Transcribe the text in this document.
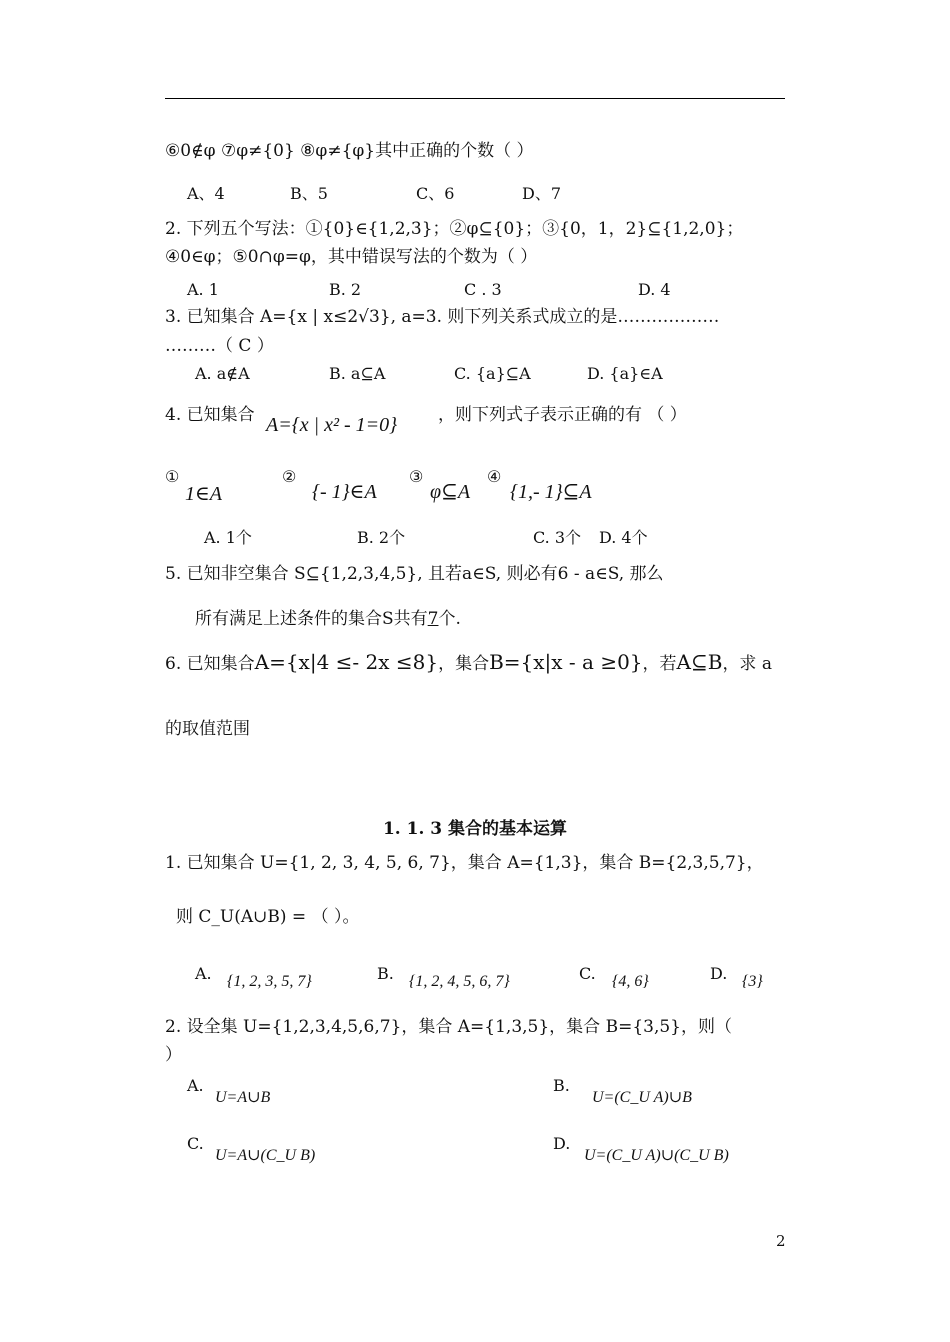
⑥0∉φ ⑦φ≠{0} ⑧φ≠{φ}其中正确的个数（ ）
A、4	B、5	C、6	D、7
2. 下列五个写法：①{0}∈{1,2,3}；②φ⊆{0}；③{0，1，2}⊆{1,2,0}；
④0∈φ；⑤0∩φ=φ，其中错误写法的个数为（ ）
A. 1	B. 2	C . 3	D. 4
3. 已知集合 A={x | x≤2√3}, a=3. 则下列关系式成立的是………………
………（ C ）
A. a∉A	B. a⊆A	C. {a}⊆A	D. {a}∈A
4. 已知集合 A={x | x² - 1=0} ，则下列式子表示正确的有 （ ）
①
1∈A
②
{- 1}∈A
③
φ⊆A
④
{1,- 1}⊆A
A. 1个	B. 2个	C. 3个 D. 4个
5. 已知非空集合 S⊆{1,2,3,4,5}, 且若a∈S, 则必有6 - a∈S, 那么
所有满足上述条件的集合S共有7个.
6. 已知集合A={x|4 ≤- 2x ≤8}，集合B={x|x - a ≥0}，若A⊆B，求 a
的取值范围
1. 1. 3 集合的基本运算
1. 已知集合 U={1, 2, 3, 4, 5, 6, 7}，集合 A={1,3}，集合 B={2,3,5,7}，
则 C_U(A∪B) = （ ）。
A. {1, 2, 3, 5, 7}	B. {1, 2, 4, 5, 6, 7}	C. {4, 6}	D. {3}
2. 设全集 U={1,2,3,4,5,6,7}，集合 A={1,3,5}，集合 B={3,5}，则（
）
A.
U=A∪B
B.
U=(C_U A)∪B
C.
U=A∪(C_U B)
D.
U=(C_U A)∪(C_U B)
2
